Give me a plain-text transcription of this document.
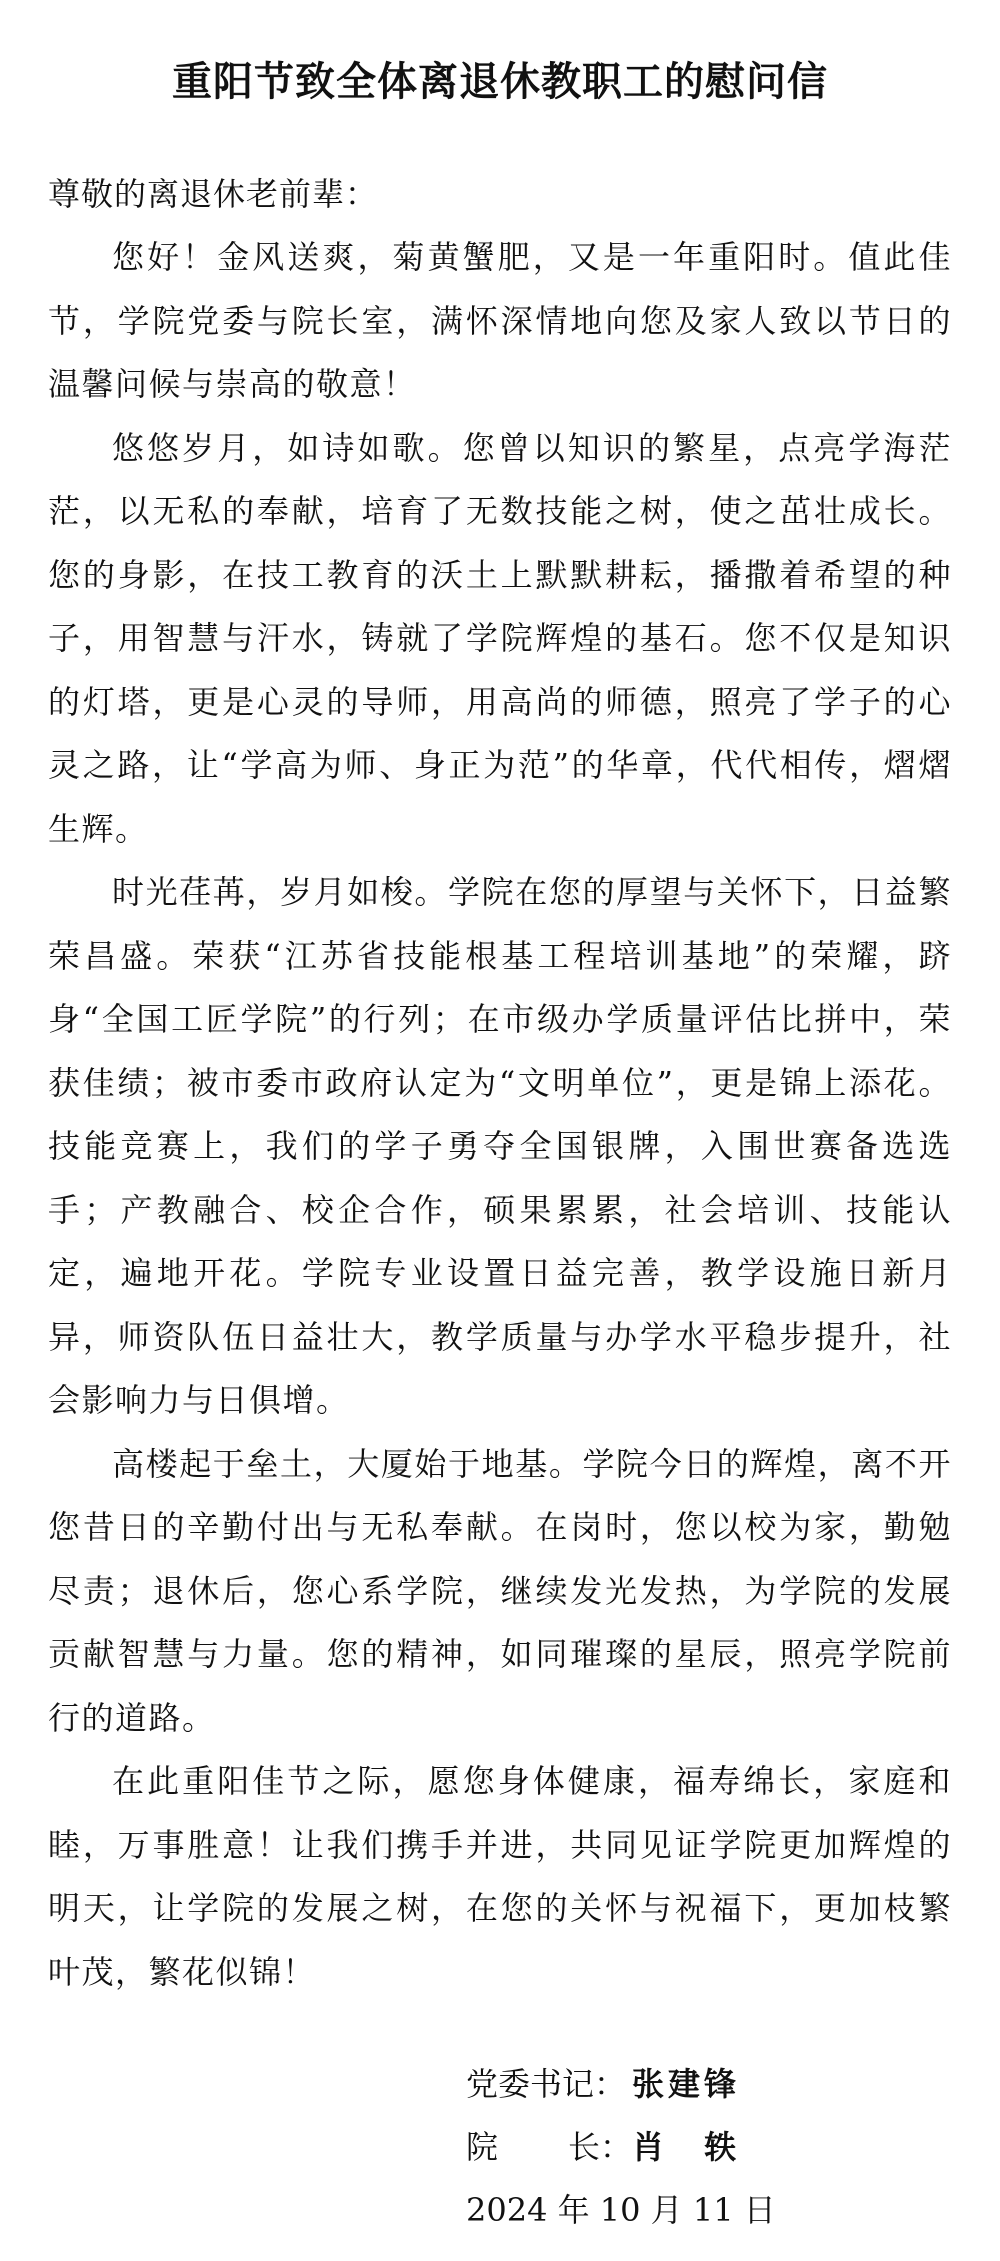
重阳节致全体离退休教职工的慰问信

尊敬的离退休老前辈：

您好！金风送爽，菊黄蟹肥，又是一年重阳时。值此佳节，学院党委与院长室，满怀深情地向您及家人致以节日的温馨问候与崇高的敬意！

悠悠岁月，如诗如歌。您曾以知识的繁星，点亮学海茫茫，以无私的奉献，培育了无数技能之树，使之茁壮成长。您的身影，在技工教育的沃土上默默耕耘，播撒着希望的种子，用智慧与汗水，铸就了学院辉煌的基石。您不仅是知识的灯塔，更是心灵的导师，用高尚的师德，照亮了学子的心灵之路，让“学高为师、身正为范”的华章，代代相传，熠熠生辉。

时光荏苒，岁月如梭。学院在您的厚望与关怀下，日益繁荣昌盛。荣获“江苏省技能根基工程培训基地”的荣耀，跻身“全国工匠学院”的行列；在市级办学质量评估比拼中，荣获佳绩；被市委市政府认定为“文明单位”，更是锦上添花。技能竞赛上，我们的学子勇夺全国银牌，入围世赛备选选手；产教融合、校企合作，硕果累累，社会培训、技能认定，遍地开花。学院专业设置日益完善，教学设施日新月异，师资队伍日益壮大，教学质量与办学水平稳步提升，社会影响力与日俱增。

高楼起于垒土，大厦始于地基。学院今日的辉煌，离不开您昔日的辛勤付出与无私奉献。在岗时，您以校为家，勤勉尽责；退休后，您心系学院，继续发光发热，为学院的发展贡献智慧与力量。您的精神，如同璀璨的星辰，照亮学院前行的道路。

在此重阳佳节之际，愿您身体健康，福寿绵长，家庭和睦，万事胜意！让我们携手并进，共同见证学院更加辉煌的明天，让学院的发展之树，在您的关怀与祝福下，更加枝繁叶茂，繁花似锦！

党委书记： 张建锋
院 长： 肖　轶

2024 年 10 月 11 日
